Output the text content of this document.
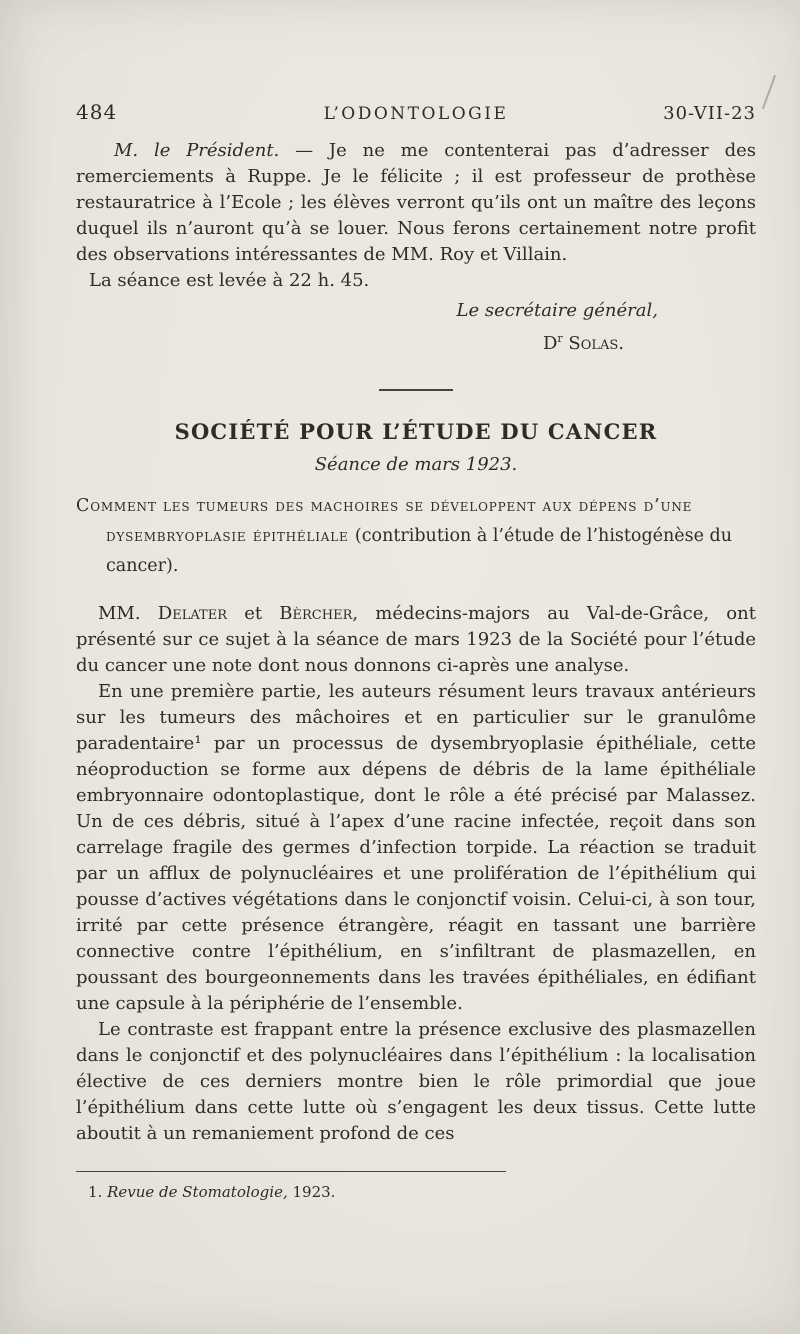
484	L’ODONTOLOGIE	30-VII-23

M. le Président. — Je ne me contenterai pas d’adresser des remerciements à Ruppe. Je le félicite ; il est professeur de prothèse restauratrice à l’Ecole ; les élèves verront qu’ils ont un maître des leçons duquel ils n’auront qu’à se louer. Nous ferons certainement notre profit des observations intéressantes de MM. Roy et Villain.

La séance est levée à 22 h. 45.

Le secrétaire général,
$D^r$ Solas.
SOCIÉTÉ POUR L’ÉTUDE DU CANCER
Séance de mars 1923.

Comment les tumeurs des machoires se développent aux dépens d’une dysembryoplasie épithéliale (contribution à l’étude de l’histogénèse du cancer).

MM. Delater et Bèrcher, médecins-majors au Val-de-Grâce, ont présenté sur ce sujet à la séance de mars 1923 de la Société pour l’étude du cancer une note dont nous donnons ci-après une analyse.

En une première partie, les auteurs résument leurs travaux antérieurs sur les tumeurs des mâchoires et en particulier sur le granulôme paradentaire¹ par un processus de dysembryoplasie épithéliale, cette néoproduction se forme aux dépens de débris de la lame épithéliale embryonnaire odontoplastique, dont le rôle a été précisé par Malassez. Un de ces débris, situé à l’apex d’une racine infectée, reçoit dans son carrelage fragile des germes d’infection torpide. La réaction se traduit par un afflux de polynucléaires et une prolifération de l’épithélium qui pousse d’actives végétations dans le conjonctif voisin. Celui-ci, à son tour, irrité par cette présence étrangère, réagit en tassant une barrière connective contre l’épithélium, en s’infiltrant de plasmazellen, en poussant des bourgeonnements dans les travées épithéliales, en édifiant une capsule à la périphérie de l’ensemble.

Le contraste est frappant entre la présence exclusive des plasmazellen dans le conjonctif et des polynucléaires dans l’épithélium : la localisation élective de ces derniers montre bien le rôle primordial que joue l’épithélium dans cette lutte où s’engagent les deux tissus. Cette lutte aboutit à un remaniement profond de ces

1. Revue de Stomatologie, 1923.
